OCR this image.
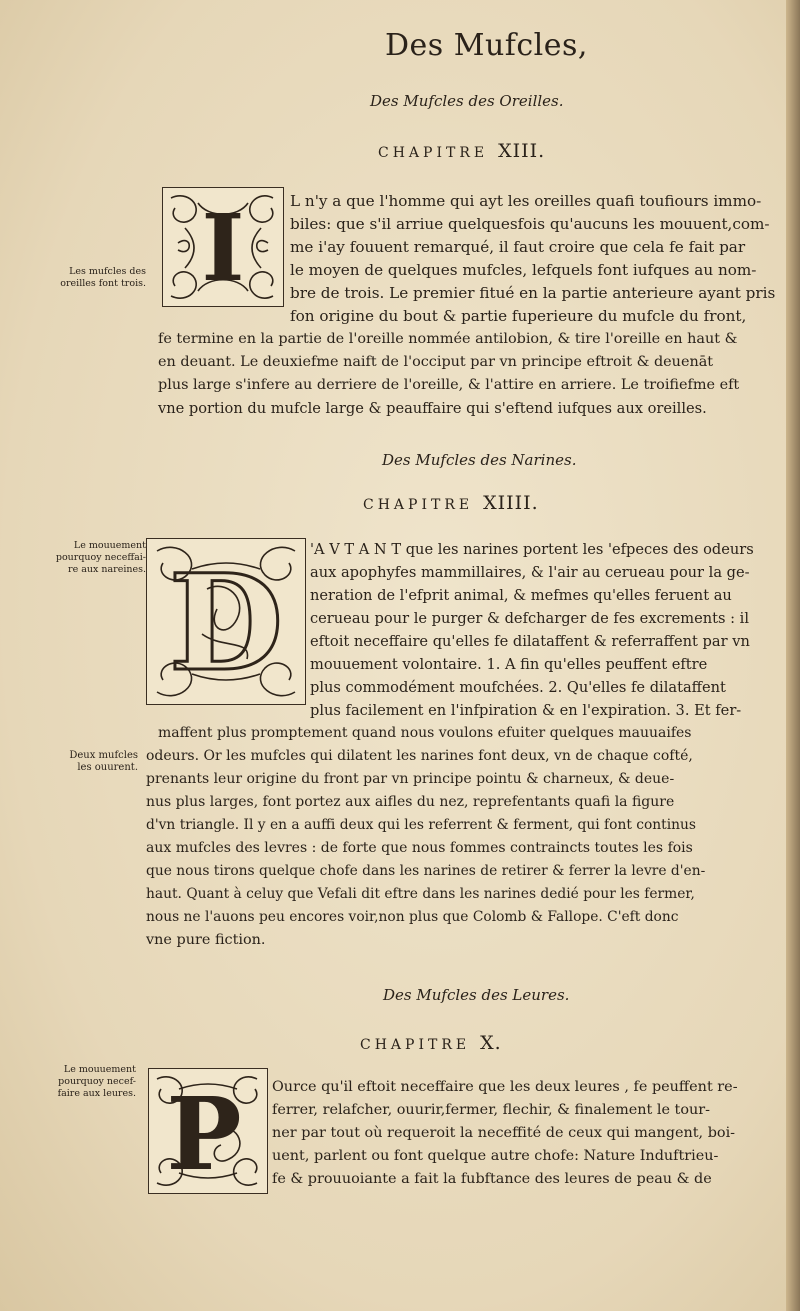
Des Mufcles,
Des Mufcles des Oreilles.
CHAPITRE XIII.
I
Les mufcles des
oreilles font trois.
L n'y a que l'homme qui ayt les oreilles quafi toufiours immo-
biles: que s'il arriue quelquesfois qu'aucuns les mouuent,com-
me i'ay fouuent remarqué, il faut croire que cela fe fait par
le moyen de quelques mufcles, lefquels font iufques au nom-
bre de trois. Le premier fitué en la partie anterieure ayant pris
fon origine du bout & partie fuperieure du mufcle du front,
fe termine en la partie de l'oreille nommée antilobion, & tire l'oreille en haut &
en deuant. Le deuxiefme naift de l'occiput par vn principe eftroit & deuenāt
plus large s'infere au derriere de l'oreille, & l'attire en arriere. Le troifiefme eft
vne portion du mufcle large & peauffaire qui s'eftend iufques aux oreilles.
Des Mufcles des Narines.
CHAPITRE XIIII.
D
Le mouuement
pourquoy neceffai-
re aux nareines.
Deux mufcles
les ouurent.
'A V T A N T que les narines portent les 'efpeces des odeurs
aux apophyfes mammillaires, & l'air au cerueau pour la ge-
neration de l'efprit animal, & mefmes qu'elles feruent au
cerueau pour le purger & defcharger de fes excrements : il
eftoit neceffaire qu'elles fe dilataffent & referraffent par vn
mouuement volontaire. 1. A fin qu'elles peuffent eftre
plus commodément moufchées. 2. Qu'elles fe dilataffent
plus facilement en l'infpiration & en l'expiration. 3. Et fer-
maffent plus promptement quand nous voulons efuiter quelques mauuaifes
odeurs. Or les mufcles qui dilatent les narines font deux, vn de chaque cofté,
prenants leur origine du front par vn principe pointu & charneux, & deue-
nus plus larges, font portez aux aifles du nez, reprefentants quafi la figure
d'vn triangle. Il y en a auffi deux qui les referrent & ferment, qui font continus
aux mufcles des levres : de forte que nous fommes contraincts toutes les fois
que nous tirons quelque chofe dans les narines de retirer & ferrer la levre d'en-
haut. Quant à celuy que Vefali dit eftre dans les narines dedié pour les fermer,
nous ne l'auons peu encores voir,non plus que Colomb & Fallope. C'eft donc
vne pure fiction.
Des Mufcles des Leures.
CHAPITRE X.
P
Le mouuement
pourquoy necef-
faire aux leures.	Ource qu'il eftoit neceffaire que les deux leures , fe peuffent re-
ferrer, relafcher, ouurir,fermer, flechir, & finalement le tour-
ner par tout où requeroit la neceffité de ceux qui mangent, boi-
uent, parlent ou font quelque autre chofe: Nature Induftrieu-
fe & prouuoiante a fait la fubftance des leures de peau & de
